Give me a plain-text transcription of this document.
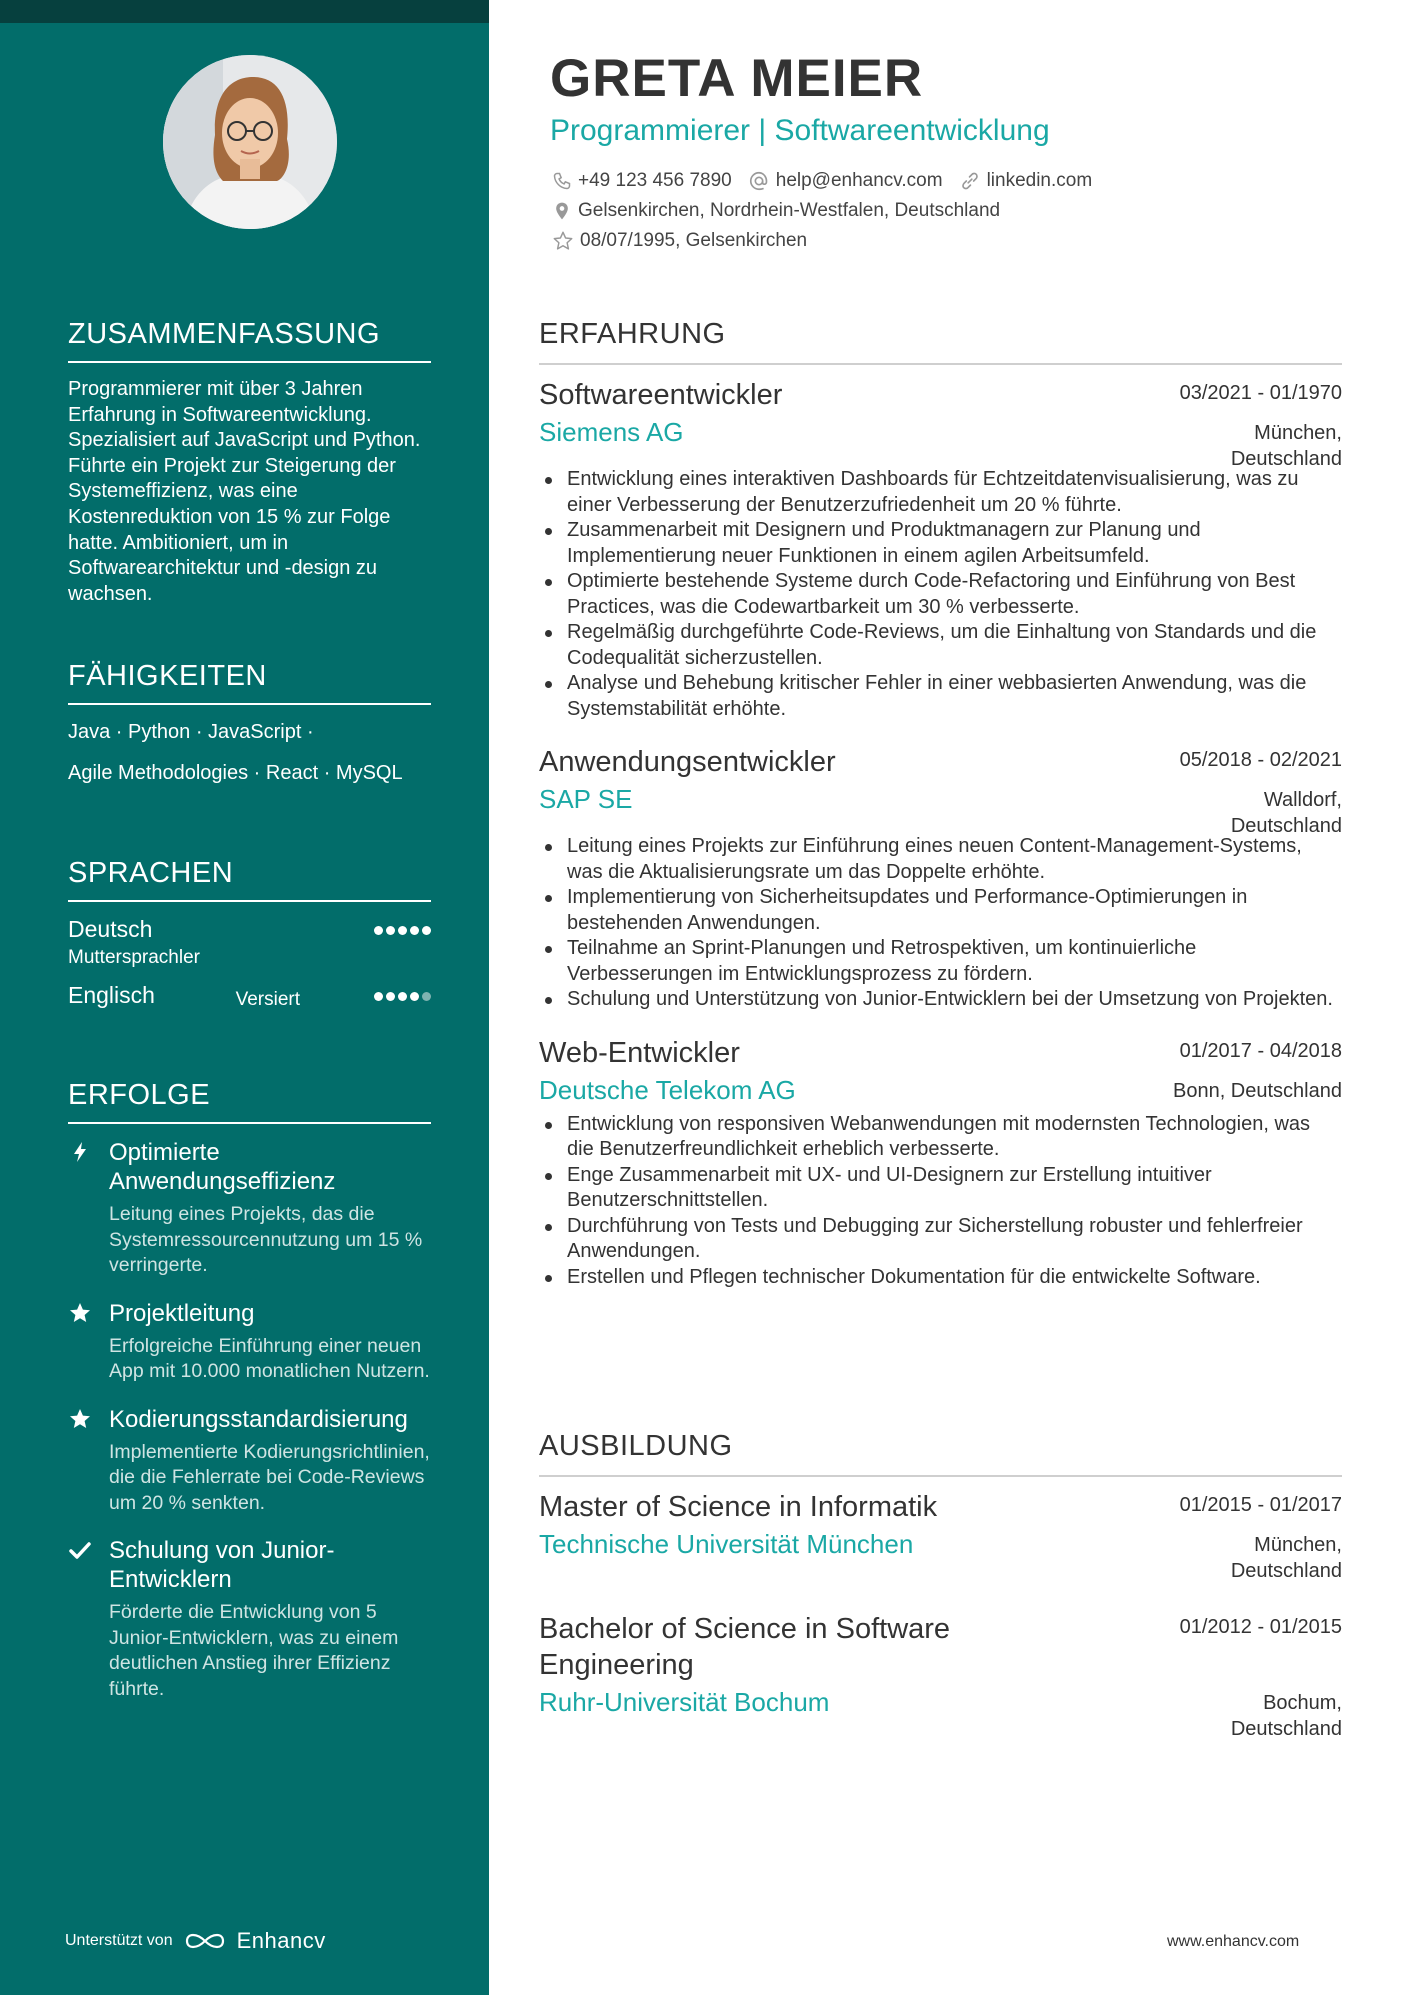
ZUSAMMENFASSUNG
Programmierer mit über 3 Jahren Erfahrung in Softwareentwicklung. Spezialisiert auf JavaScript und Python. Führte ein Projekt zur Steigerung der Systemeffizienz, was eine Kostenreduktion von 15 % zur Folge hatte. Ambitioniert, um in Softwarearchitektur und -design zu wachsen.
FÄHIGKEITEN
Java · Python · JavaScript ·
Agile Methodologies · React · MySQL
SPRACHEN
Deutsch
Muttersprachler
Englisch	Versiert
ERFOLGE
Optimierte Anwendungseffizienz
Leitung eines Projekts, das die Systemressourcennutzung um 15 % verringerte.
Projektleitung
Erfolgreiche Einführung einer neuen App mit 10.000 monatlichen Nutzern.
Kodierungsstandardisierung
Implementierte Kodierungsrichtlinien, die die Fehlerrate bei Code-Reviews um 20 % senkten.
Schulung von Junior-Entwicklern
Förderte die Entwicklung von 5 Junior-Entwicklern, was zu einem deutlichen Anstieg ihrer Effizienz führte.
Unterstützt von	Enhancv
GRETA MEIER
Programmierer | Softwareentwicklung
+49 123 456 7890 help@enhancv.com linkedin.com
Gelsenkirchen, Nordrhein-Westfalen, Deutschland
08/07/1995, Gelsenkirchen
ERFAHRUNG
Softwareentwickler	03/2021 - 01/1970
Siemens AG	München,
Deutschland
Entwicklung eines interaktiven Dashboards für Echtzeitdatenvisualisierung, was zu einer Verbesserung der Benutzerzufriedenheit um 20 % führte.
Zusammenarbeit mit Designern und Produktmanagern zur Planung und Implementierung neuer Funktionen in einem agilen Arbeitsumfeld.
Optimierte bestehende Systeme durch Code-Refactoring und Einführung von Best Practices, was die Codewartbarkeit um 30 % verbesserte.
Regelmäßig durchgeführte Code-Reviews, um die Einhaltung von Standards und die Codequalität sicherzustellen.
Analyse und Behebung kritischer Fehler in einer webbasierten Anwendung, was die Systemstabilität erhöhte.
Anwendungsentwickler	05/2018 - 02/2021
SAP SE	Walldorf,
Deutschland
Leitung eines Projekts zur Einführung eines neuen Content-Management-Systems, was die Aktualisierungsrate um das Doppelte erhöhte.
Implementierung von Sicherheitsupdates und Performance-Optimierungen in bestehenden Anwendungen.
Teilnahme an Sprint-Planungen und Retrospektiven, um kontinuierliche Verbesserungen im Entwicklungsprozess zu fördern.
Schulung und Unterstützung von Junior-Entwicklern bei der Umsetzung von Projekten.
Web-Entwickler	01/2017 - 04/2018
Deutsche Telekom AG	Bonn, Deutschland
Entwicklung von responsiven Webanwendungen mit modernsten Technologien, was die Benutzerfreundlichkeit erheblich verbesserte.
Enge Zusammenarbeit mit UX- und UI-Designern zur Erstellung intuitiver Benutzerschnittstellen.
Durchführung von Tests und Debugging zur Sicherstellung robuster und fehlerfreier Anwendungen.
Erstellen und Pflegen technischer Dokumentation für die entwickelte Software.
AUSBILDUNG
Master of Science in Informatik	01/2015 - 01/2017
Technische Universität München	München,
Deutschland
Bachelor of Science in Software Engineering
01/2012 - 01/2015
Ruhr-Universität Bochum	Bochum,
Deutschland
www.enhancv.com
